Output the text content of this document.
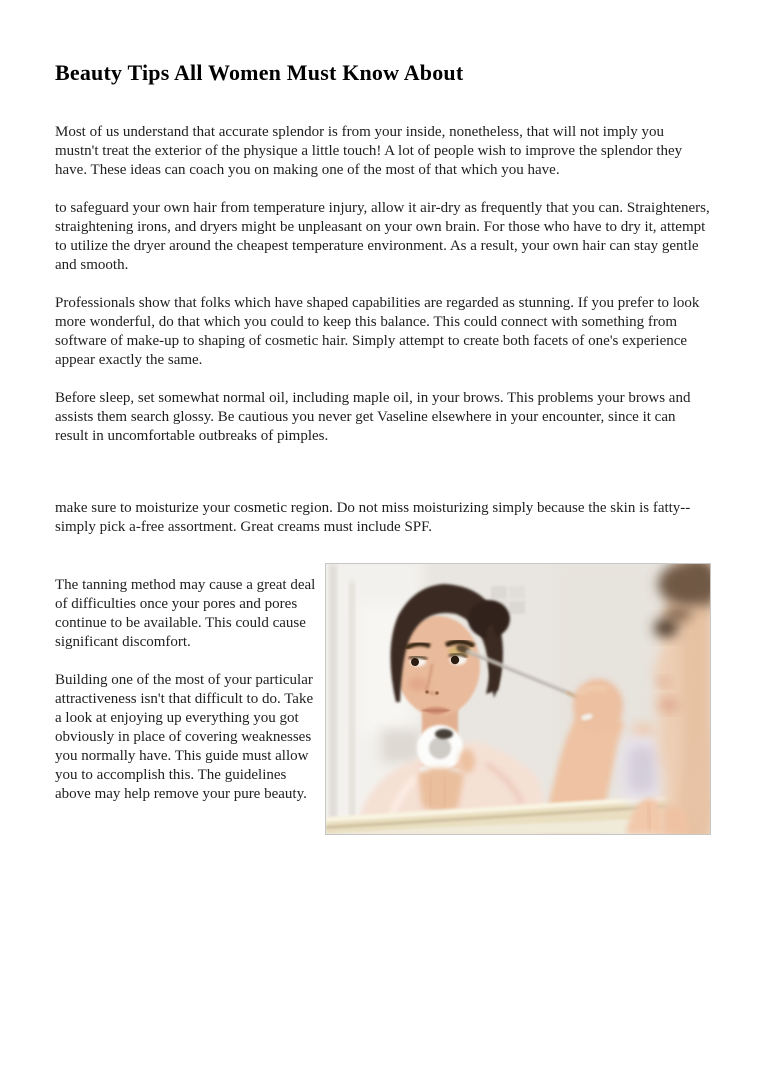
Beauty Tips All Women Must Know About

Most of us understand that accurate splendor is from your inside, nonetheless, that will not imply you mustn't treat the exterior of the physique a little touch! A lot of people wish to improve the splendor they have. These ideas can coach you on making one of the most of that which you have.

to safeguard your own hair from temperature injury, allow it air-dry as frequently that you can. Straighteners, straightening irons, and dryers might be unpleasant on your own brain. For those who have to dry it, attempt to utilize the dryer around the cheapest temperature environment. As a result, your own hair can stay gentle and smooth.

Professionals show that folks which have shaped capabilities are regarded as stunning. If you prefer to look more wonderful, do that which you could to keep this balance. This could connect with something from software of make-up to shaping of cosmetic hair. Simply attempt to create both facets of one's experience appear exactly the same.

Before sleep, set somewhat normal oil, including maple oil, in your brows. This problems your brows and assists them search glossy. Be cautious you never get Vaseline elsewhere in your encounter, since it can result in uncomfortable outbreaks of pimples.

make sure to moisturize your cosmetic region. Do not miss moisturizing simply because the skin is fatty--simply pick a-free assortment. Great creams must include SPF.

The tanning method may cause a great deal of difficulties once your pores and pores continue to be available. This could cause significant discomfort.

Building one of the most of your particular attractiveness isn't that difficult to do. Take a look at enjoying up everything you got obviously in place of covering weaknesses you normally have. This guide must allow you to accomplish this. The guidelines above may help remove your pure beauty.
